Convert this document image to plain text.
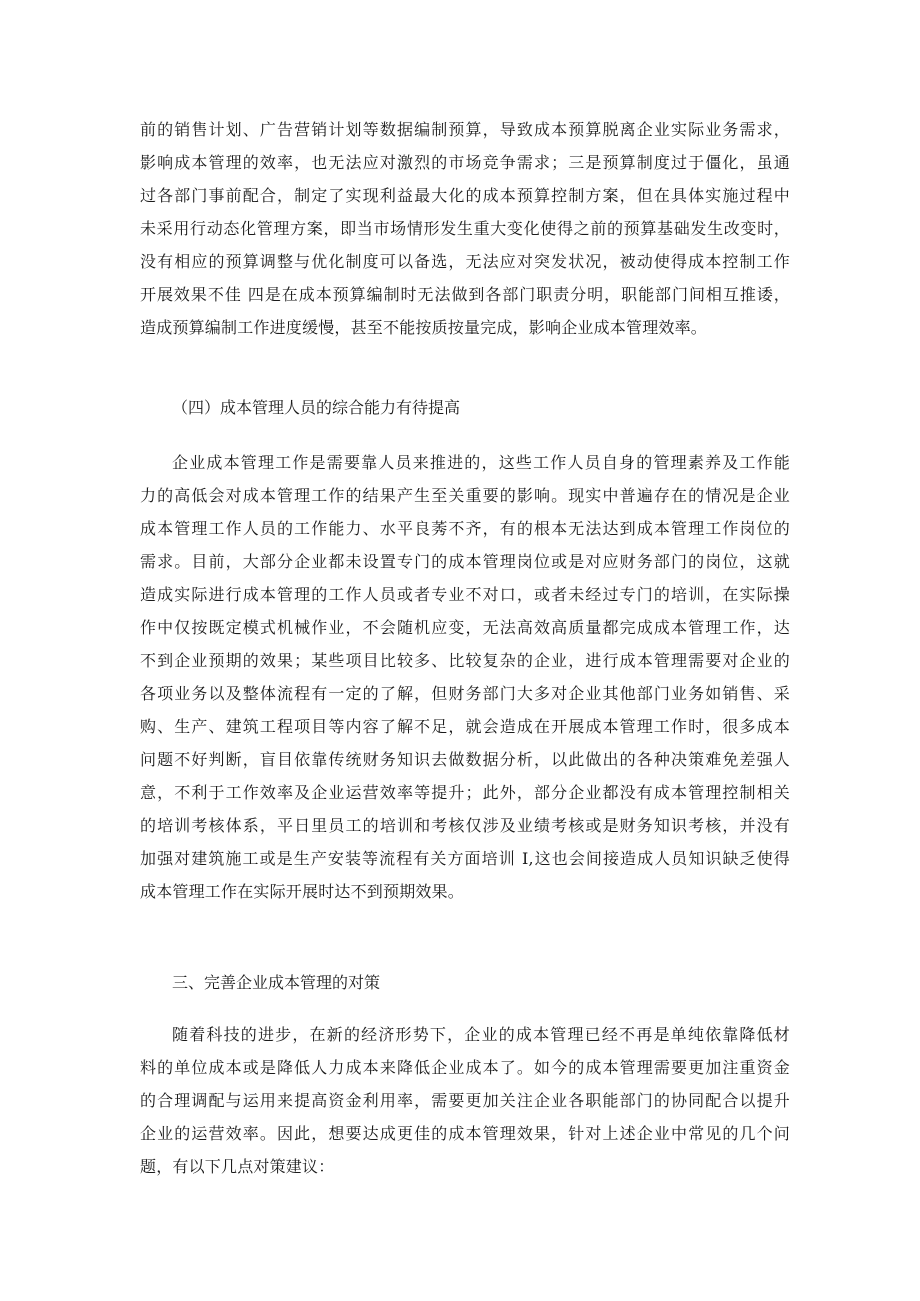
前的销售计划、广告营销计划等数据编制预算，导致成本预算脱离企业实际业务需求，
影响成本管理的效率，也无法应对激烈的市场竞争需求；三是预算制度过于僵化，虽通
过各部门事前配合，制定了实现利益最大化的成本预算控制方案，但在具体实施过程中
未采用行动态化管理方案，即当市场情形发生重大变化使得之前的预算基础发生改变时，
没有相应的预算调整与优化制度可以备选，无法应对突发状况，被动使得成本控制工作
开展效果不佳 四是在成本预算编制时无法做到各部门职责分明，职能部门间相互推诿，
造成预算编制工作进度缓慢，甚至不能按质按量完成，影响企业成本管理效率。
（四）成本管理人员的综合能力有待提高
企业成本管理工作是需要靠人员来推进的，这些工作人员自身的管理素养及工作能
力的高低会对成本管理工作的结果产生至关重要的影响。现实中普遍存在的情况是企业
成本管理工作人员的工作能力、水平良莠不齐，有的根本无法达到成本管理工作岗位的
需求。目前，大部分企业都未设置专门的成本管理岗位或是对应财务部门的岗位，这就
造成实际进行成本管理的工作人员或者专业不对口，或者未经过专门的培训，在实际操
作中仅按既定模式机械作业，不会随机应变，无法高效高质量都完成成本管理工作，达
不到企业预期的效果；某些项目比较多、比较复杂的企业，进行成本管理需要对企业的
各项业务以及整体流程有一定的了解，但财务部门大多对企业其他部门业务如销售、采
购、生产、建筑工程项目等内容了解不足，就会造成在开展成本管理工作时，很多成本
问题不好判断，盲目依靠传统财务知识去做数据分析，以此做出的各种决策难免差强人
意，不利于工作效率及企业运营效率等提升；此外，部分企业都没有成本管理控制相关
的培训考核体系，平日里员工的培训和考核仅涉及业绩考核或是财务知识考核，并没有
加强对建筑施工或是生产安装等流程有关方面培训 I,这也会间接造成人员知识缺乏使得
成本管理工作在实际开展时达不到预期效果。
三、完善企业成本管理的对策
随着科技的进步，在新的经济形势下，企业的成本管理已经不再是单纯依靠降低材
料的单位成本或是降低人力成本来降低企业成本了。如今的成本管理需要更加注重资金
的合理调配与运用来提高资金利用率，需要更加关注企业各职能部门的协同配合以提升
企业的运营效率。因此，想要达成更佳的成本管理效果，针对上述企业中常见的几个问
题，有以下几点对策建议：
